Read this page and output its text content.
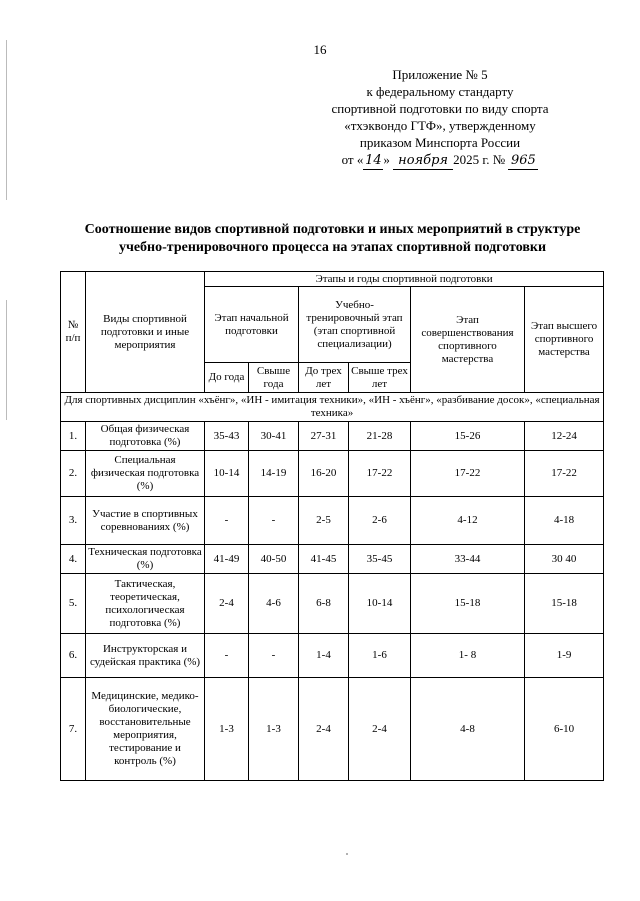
16
Приложение № 5
к федеральному стандарту
спортивной подготовки по виду спорта
«тхэквондо ГТФ», утвержденному
приказом Минспорта России
от « 14 » ноября 2025 г. № 965
Соотношение видов спортивной подготовки и иных мероприятий в структуре учебно-тренировочного процесса на этапах спортивной подготовки
№ п/п	Виды спортивной подготовки и иные мероприятия	Этапы и годы спортивной подготовки					
		Этап начальной подготовки		Учебно-тренировочный этап (этап спортивной специализации)		Этап совершенствования спортивного мастерства	Этап высшего спортивного мастерства
		До года	Свыше года	До трех лет	Свыше трех лет		
Для спортивных дисциплин «хъёнг», «ИН - имитация техники», «ИН - хъёнг», «разбивание досок», «специальная техника»							
1.	Общая физическая подготовка (%)	35-43	30-41	27-31	21-28	15-26	12-24
2.	Специальная физическая подготовка (%)	10-14	14-19	16-20	17-22	17-22	17-22
3.	Участие в спортивных соревнованиях (%)	-	-	2-5	2-6	4-12	4-18
4.	Техническая подготовка (%)	41-49	40-50	41-45	35-45	33-44	30 40
5.	Тактическая, теоретическая, психологическая подготовка (%)	2-4	4-6	6-8	10-14	15-18	15-18
6.	Инструкторская и судейская практика (%)	-	-	1-4	1-6	1- 8	1-9
7.	Медицинские, медико-биологические, восстановительные мероприятия, тестирование и контроль (%)	1-3	1-3	2-4	2-4	4-8	6-10
